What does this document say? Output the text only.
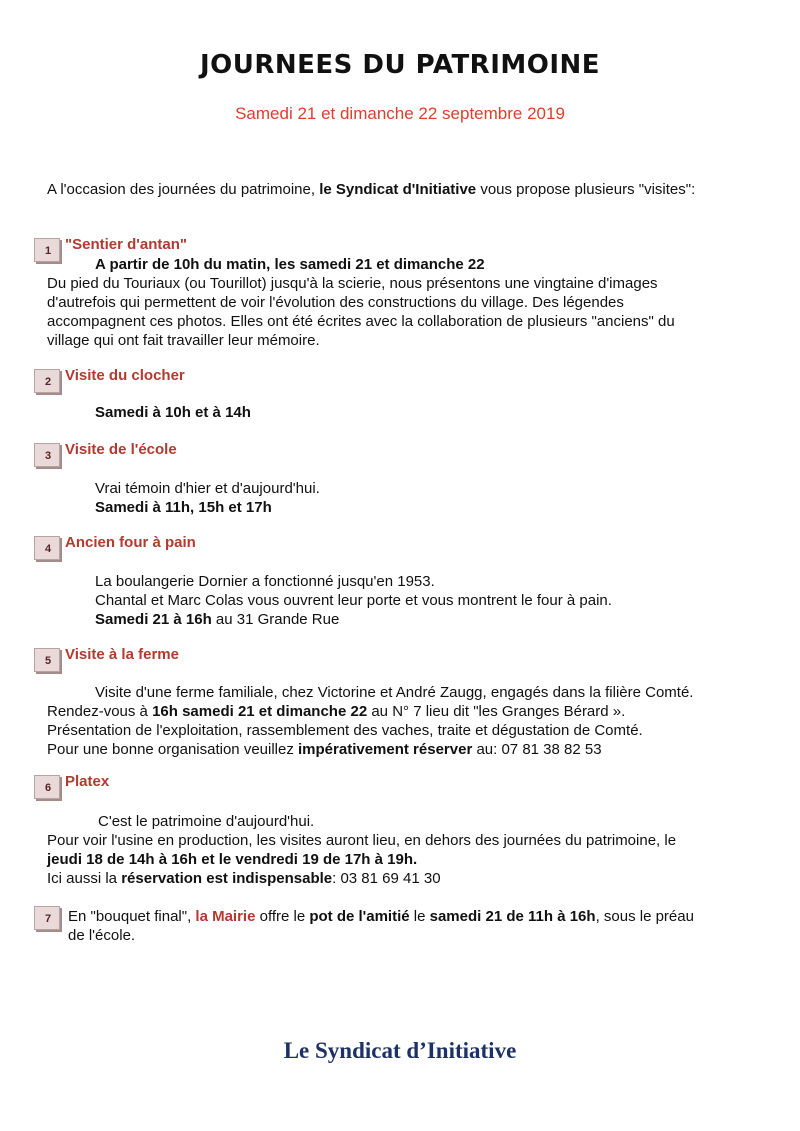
JOURNEES DU PATRIMOINE
Samedi 21 et dimanche 22 septembre 2019

A l'occasion des journées du patrimoine, le Syndicat d'Initiative vous propose plusieurs "visites":

1 "Sentier d'antan"
A partir de 10h du matin, les samedi 21 et dimanche 22

Du pied du Touriaux (ou Tourillot) jusqu'à la scierie, nous présentons une vingtaine d'images

d'autrefois qui permettent de voir l'évolution des constructions du village. Des légendes

accompagnent ces photos. Elles ont été écrites avec la collaboration de plusieurs "anciens" du

village qui ont fait travailler leur mémoire.

2 Visite du clocher
Samedi à 10h et à 14h
3 Visite de l'école

Vrai témoin d'hier et d'aujourd'hui.

Samedi à 11h, 15h et 17h

4 Ancien four à pain

La boulangerie Dornier a fonctionné jusqu'en 1953.

Chantal et Marc Colas vous ouvrent leur porte et vous montrent le four à pain.

Samedi 21 à 16h au 31 Grande Rue

5 Visite à la ferme

Visite d'une ferme familiale, chez Victorine et André Zaugg, engagés dans la filière Comté.

Rendez-vous à 16h samedi 21 et dimanche 22 au N° 7 lieu dit "les Granges Bérard ».

Présentation de l'exploitation, rassemblement des vaches, traite et dégustation de Comté.

Pour une bonne organisation veuillez impérativement réserver au: 07 81 38 82 53

6 Platex

C'est le patrimoine d'aujourd'hui.

Pour voir l'usine en production, les visites auront lieu, en dehors des journées du patrimoine, le

jeudi 18 de 14h à 16h et le vendredi 19 de 17h à 19h.

Ici aussi la réservation est indispensable: 03 81 69 41 30

7 En "bouquet final", la Mairie offre le pot de l'amitié le samedi 21 de 11h à 16h, sous le préau

de l'école.

Le Syndicat d’Initiative
